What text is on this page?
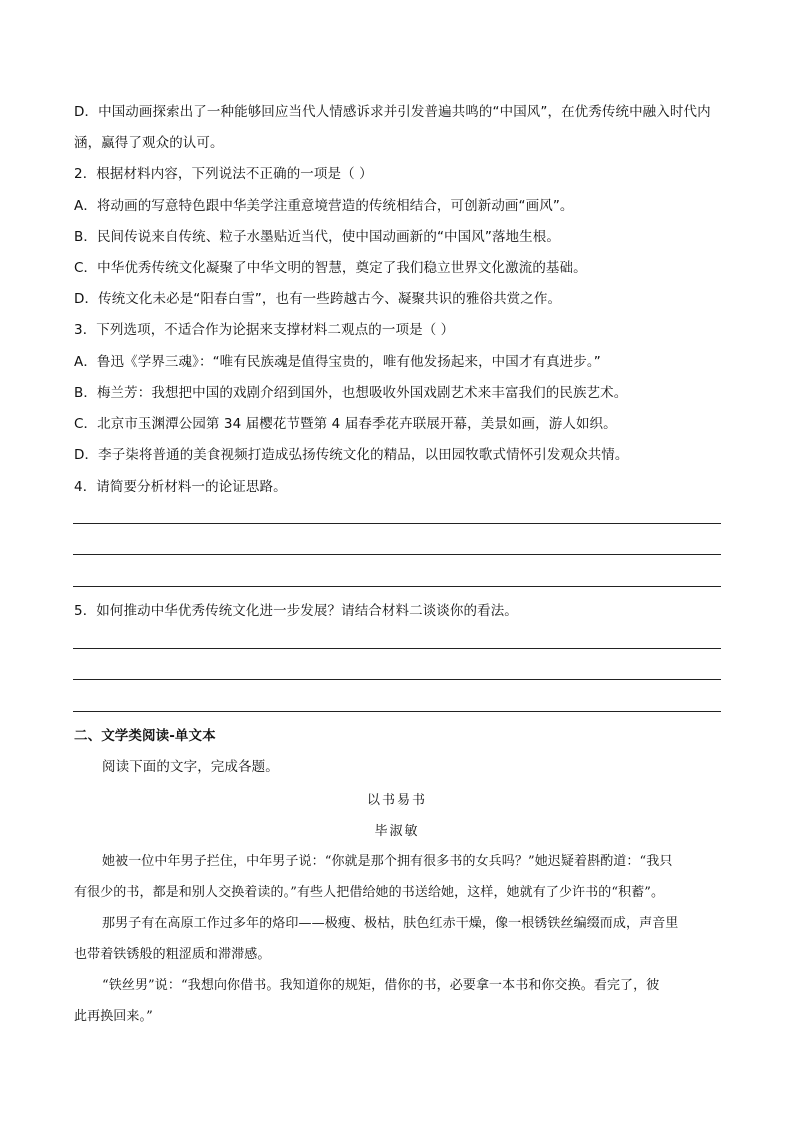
D．中国动画探索出了一种能够回应当代人情感诉求并引发普遍共鸣的“中国风”，在优秀传统中融入时代内
涵，赢得了观众的认可。
2．根据材料内容，下列说法不正确的一项是（ ）
A．将动画的写意特色跟中华美学注重意境营造的传统相结合，可创新动画“画风”。
B．民间传说来自传统、粒子水墨贴近当代，使中国动画新的“中国风”落地生根。
C．中华优秀传统文化凝聚了中华文明的智慧，奠定了我们稳立世界文化激流的基础。
D．传统文化未必是“阳春白雪”，也有一些跨越古今、凝聚共识的雅俗共赏之作。
3．下列选项，不适合作为论据来支撑材料二观点的一项是（ ）
A．鲁迅《学界三魂》：“唯有民族魂是值得宝贵的，唯有他发扬起来，中国才有真进步。”
B．梅兰芳：我想把中国的戏剧介绍到国外，也想吸收外国戏剧艺术来丰富我们的民族艺术。
C．北京市玉渊潭公园第 34 届樱花节暨第 4 届春季花卉联展开幕，美景如画，游人如织。
D．李子柒将普通的美食视频打造成弘扬传统文化的精品，以田园牧歌式情怀引发观众共情。
4．请简要分析材料一的论证思路。
5．如何推动中华优秀传统文化进一步发展？请结合材料二谈谈你的看法。
二、文学类阅读-单文本
阅读下面的文字，完成各题。
以书易书
毕淑敏
她被一位中年男子拦住，中年男子说：“你就是那个拥有很多书的女兵吗？”她迟疑着斟酌道：“我只
有很少的书，都是和别人交换着读的。”有些人把借给她的书送给她，这样，她就有了少许书的“积蓄”。
那男子有在高原工作过多年的烙印——极瘦、极枯，肤色红赤干燥，像一根锈铁丝编缀而成，声音里
也带着铁锈般的粗涩质和滞滞感。
“铁丝男”说：“我想向你借书。我知道你的规矩，借你的书，必要拿一本书和你交换。看完了，彼
此再换回来。”
